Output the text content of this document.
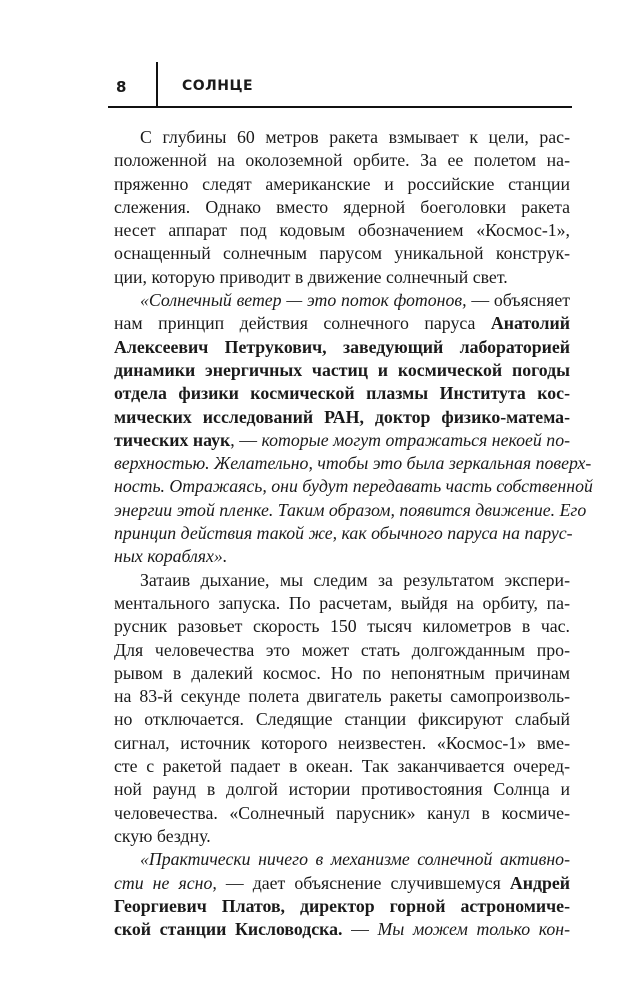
8	СОЛНЦЕ
С глубины 60 метров ракета взмывает к цели, рас-
положенной на околоземной орбите. За ее полетом на-
пряженно следят американские и российские станции
слежения. Однако вместо ядерной боеголовки ракета
несет аппарат под кодовым обозначением «Космос-1»,
оснащенный солнечным парусом уникальной конструк-
ции, которую приводит в движение солнечный свет.
«Солнечный ветер — это поток фотонов, — объясняет
нам принцип действия солнечного паруса Анатолий
Алексеевич Петрукович, заведующий лабораторией
динамики энергичных частиц и космической погоды
отдела физики космической плазмы Института кос-
мических исследований РАН, доктор физико-матема-
тических наук, — которые могут отражаться некоей по-
верхностью. Желательно, чтобы это была зеркальная поверх-
ность. Отражаясь, они будут передавать часть собственной
энергии этой пленке. Таким образом, появится движение. Его
принцип действия такой же, как обычного паруса на парус-
ных кораблях».
Затаив дыхание, мы следим за результатом экспери-
ментального запуска. По расчетам, выйдя на орбиту, па-
русник разовьет скорость 150 тысяч километров в час.
Для человечества это может стать долгожданным про-
рывом в далекий космос. Но по непонятным причинам
на 83-й секунде полета двигатель ракеты самопроизволь-
но отключается. Следящие станции фиксируют слабый
сигнал, источник которого неизвестен. «Космос-1» вме-
сте с ракетой падает в океан. Так заканчивается очеред-
ной раунд в долгой истории противостояния Солнца и
человечества. «Солнечный парусник» канул в космиче-
скую бездну.
«Практически ничего в механизме солнечной активно-
сти не ясно, — дает объяснение случившемуся Андрей
Георгиевич Платов, директор горной астрономиче-
ской станции Кисловодска. — Мы можем только кон-
